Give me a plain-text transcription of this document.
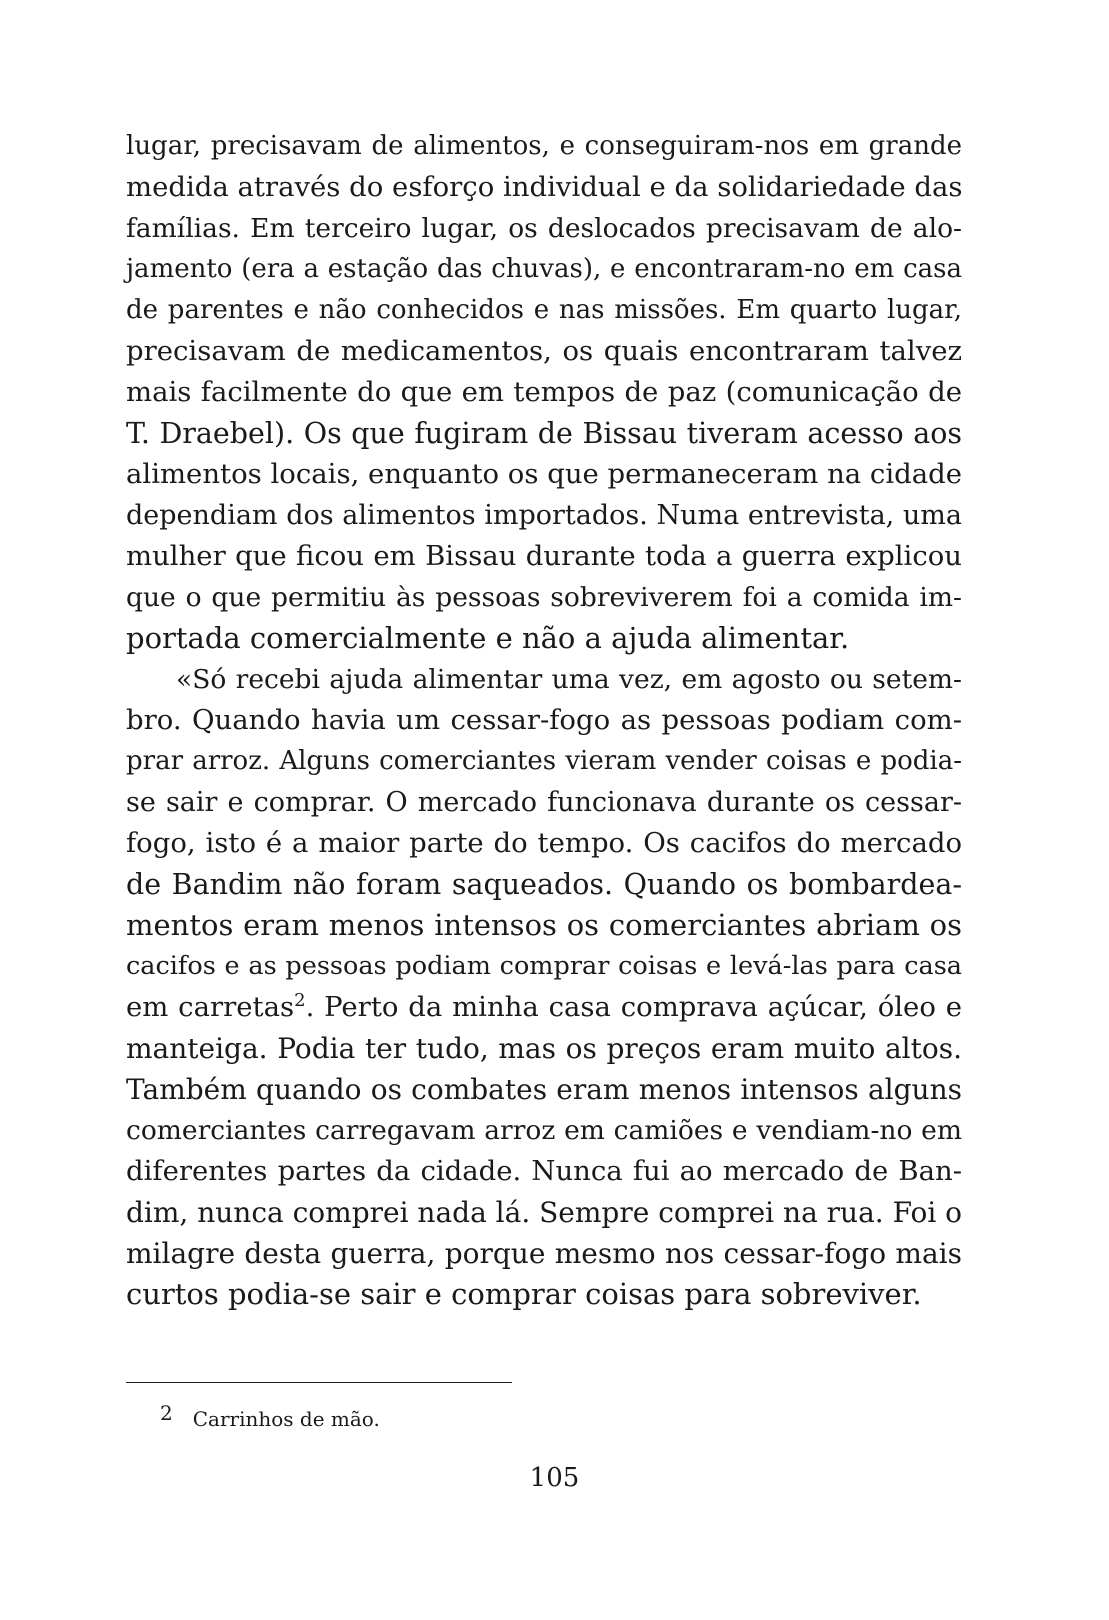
lugar, precisavam de alimentos, e conseguiram-nos em grande
medida através do esforço individual e da solidariedade das
famílias. Em terceiro lugar, os deslocados precisavam de alo-
jamento (era a estação das chuvas), e encontraram-no em casa
de parentes e não conhecidos e nas missões. Em quarto lugar,
precisavam de medicamentos, os quais encontraram talvez
mais facilmente do que em tempos de paz (comunicação de
T. Draebel). Os que fugiram de Bissau tiveram acesso aos
alimentos locais, enquanto os que permaneceram na cidade
dependiam dos alimentos importados. Numa entrevista, uma
mulher que ficou em Bissau durante toda a guerra explicou
que o que permitiu às pessoas sobreviverem foi a comida im-
portada comercialmente e não a ajuda alimentar.
«Só recebi ajuda alimentar uma vez, em agosto ou setem-
bro. Quando havia um cessar-fogo as pessoas podiam com-
prar arroz. Alguns comerciantes vieram vender coisas e podia-
se sair e comprar. O mercado funcionava durante os cessar-
fogo, isto é a maior parte do tempo. Os cacifos do mercado
de Bandim não foram saqueados. Quando os bombardea-
mentos eram menos intensos os comerciantes abriam os
cacifos e as pessoas podiam comprar coisas e levá-las para casa
em carretas$^2$. Perto da minha casa comprava açúcar, óleo e
manteiga. Podia ter tudo, mas os preços eram muito altos.
Também quando os combates eram menos intensos alguns
comerciantes carregavam arroz em camiões e vendiam-no em
diferentes partes da cidade. Nunca fui ao mercado de Ban-
dim, nunca comprei nada lá. Sempre comprei na rua. Foi o
milagre desta guerra, porque mesmo nos cessar-fogo mais
curtos podia-se sair e comprar coisas para sobreviver.
2 Carrinhos de mão.
105
